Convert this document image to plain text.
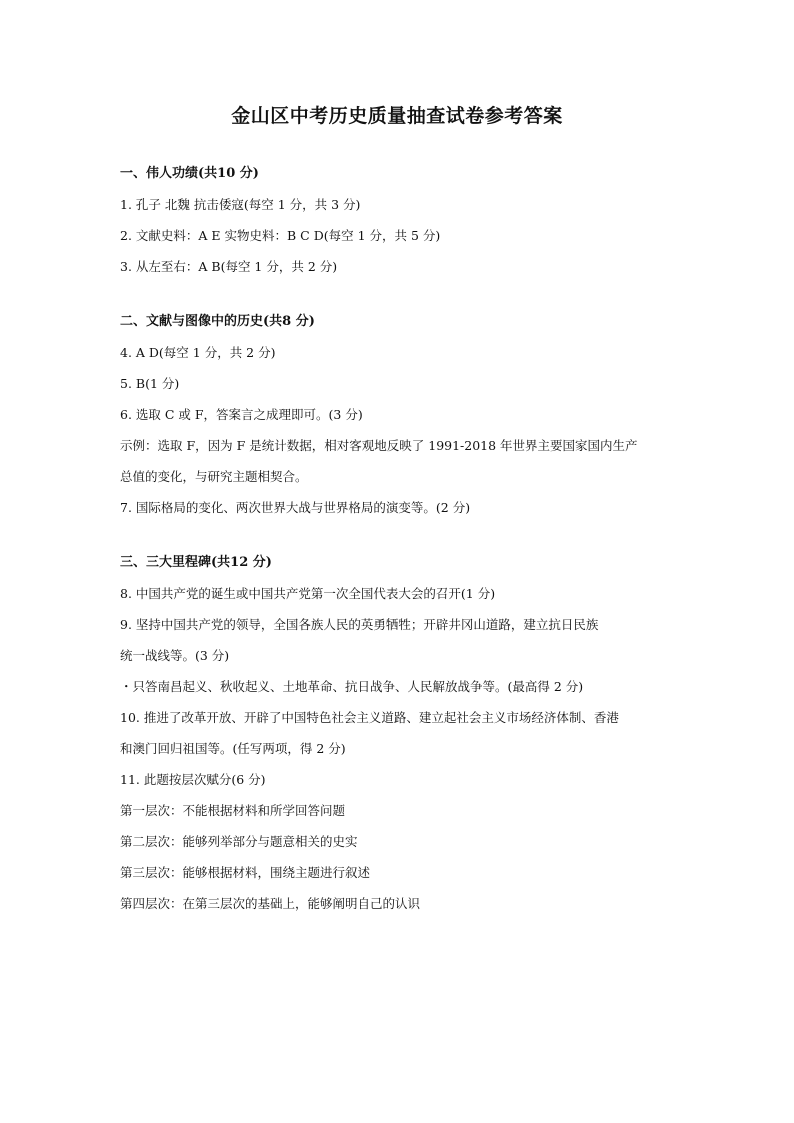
金山区中考历史质量抽查试卷参考答案
一、伟人功绩(共10 分)
1. 孔子 北魏 抗击倭寇(每空 1 分，共 3 分)
2. 文献史料：A E 实物史料：B C D(每空 1 分，共 5 分)
3. 从左至右：A B(每空 1 分，共 2 分)
二、文献与图像中的历史(共8 分)
4. A D(每空 1 分，共 2 分)
5. B(1 分)
6. 选取 C 或 F，答案言之成理即可。(3 分)
示例：选取 F，因为 F 是统计数据，相对客观地反映了 1991-2018 年世界主要国家国内生产
总值的变化，与研究主题相契合。
7. 国际格局的变化、两次世界大战与世界格局的演变等。(2 分)
三、三大里程碑(共12 分)
8. 中国共产党的诞生或中国共产党第一次全国代表大会的召开(1 分)
9. 坚持中国共产党的领导，全国各族人民的英勇牺牲；开辟井冈山道路，建立抗日民族
统一战线等。(3 分)
・只答南昌起义、秋收起义、土地革命、抗日战争、人民解放战争等。(最高得 2 分)
10. 推进了改革开放、开辟了中国特色社会主义道路、建立起社会主义市场经济体制、香港
和澳门回归祖国等。(任写两项，得 2 分)
11. 此题按层次赋分(6 分)
第一层次：不能根据材料和所学回答问题
第二层次：能够列举部分与题意相关的史实
第三层次：能够根据材料，围绕主题进行叙述
第四层次：在第三层次的基础上，能够阐明自己的认识
